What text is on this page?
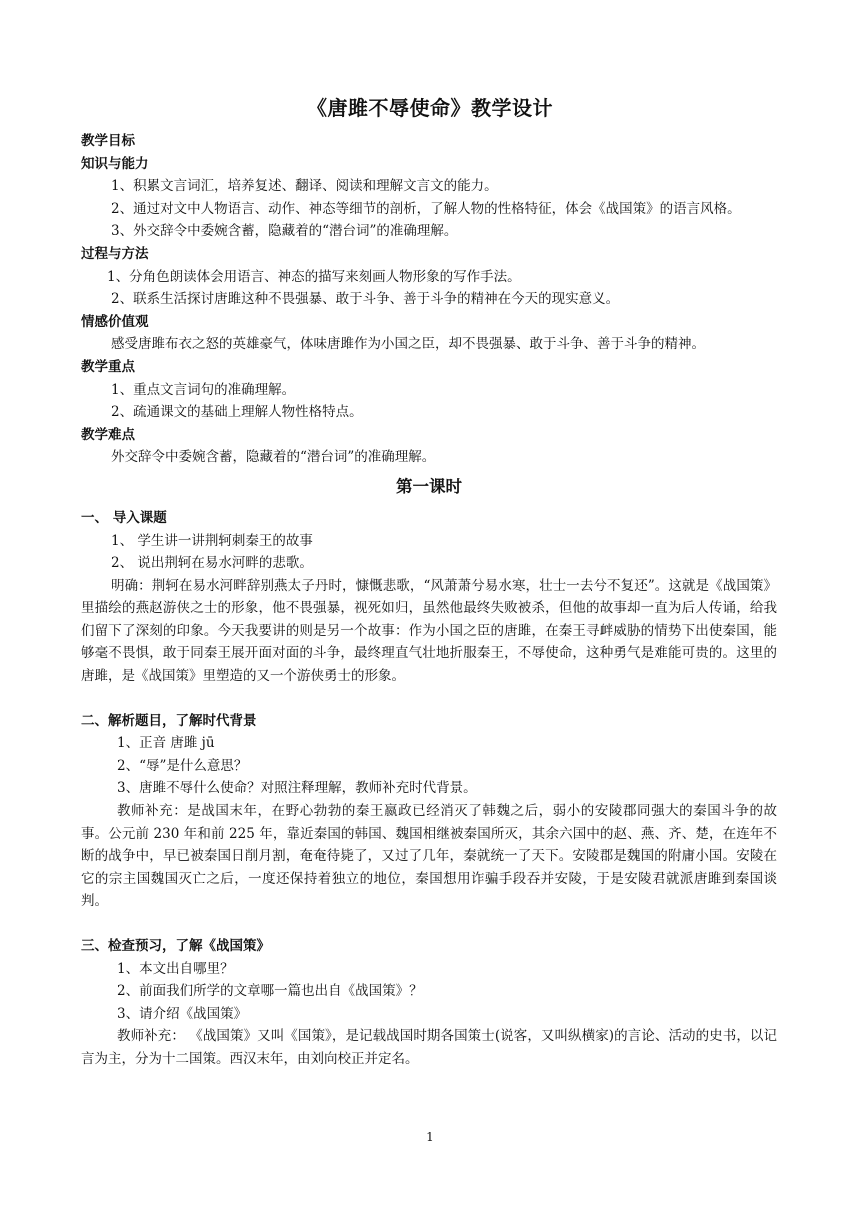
《唐雎不辱使命》教学设计
教学目标
知识与能力
1、积累文言词汇，培养复述、翻译、阅读和理解文言文的能力。
2、通过对文中人物语言、动作、神态等细节的剖析，了解人物的性格特征，体会《战国策》的语言风格。
3、外交辞令中委婉含蓄，隐藏着的“潜台词”的准确理解。
过程与方法
1、分角色朗读体会用语言、神态的描写来刻画人物形象的写作手法。
2、联系生活探讨唐雎这种不畏强暴、敢于斗争、善于斗争的精神在今天的现实意义。
情感价值观
感受唐雎布衣之怒的英雄豪气，体味唐雎作为小国之臣，却不畏强暴、敢于斗争、善于斗争的精神。
教学重点
1、重点文言词句的准确理解。
2、疏通课文的基础上理解人物性格特点。
教学难点
外交辞令中委婉含蓄，隐藏着的“潜台词”的准确理解。
第一课时
一、 导入课题
1、 学生讲一讲荆轲刺秦王的故事
2、 说出荆轲在易水河畔的悲歌。
明确：荆轲在易水河畔辞别燕太子丹时，慷慨悲歌，“风萧萧兮易水寒，壮士一去兮不复还”。这就是《战国策》里描绘的燕赵游侠之士的形象，他不畏强暴，视死如归，虽然他最终失败被杀，但他的故事却一直为后人传诵，给我们留下了深刻的印象。今天我要讲的则是另一个故事：作为小国之臣的唐雎，在秦王寻衅威胁的情势下出使秦国，能够毫不畏惧，敢于同秦王展开面对面的斗争，最终理直气壮地折服秦王，不辱使命，这种勇气是难能可贵的。这里的唐雎，是《战国策》里塑造的又一个游侠勇士的形象。
二、解析题目，了解时代背景
1、正音 唐雎 jū
2、“辱”是什么意思？
3、唐雎不辱什么使命？对照注释理解，教师补充时代背景。
教师补充：是战国末年，在野心勃勃的秦王嬴政已经消灭了韩魏之后，弱小的安陵郡同强大的秦国斗争的故事。公元前 230 年和前 225 年，靠近秦国的韩国、魏国相继被秦国所灭，其余六国中的赵、燕、齐、楚，在连年不断的战争中，早已被秦国日削月割，奄奄待毙了，又过了几年，秦就统一了天下。安陵郡是魏国的附庸小国。安陵在它的宗主国魏国灭亡之后，一度还保持着独立的地位，秦国想用诈骗手段吞并安陵，于是安陵君就派唐雎到秦国谈判。
三、检查预习，了解《战国策》
1、本文出自哪里？
2、前面我们所学的文章哪一篇也出自《战国策》？
3、请介绍《战国策》
教师补充： 《战国策》又叫《国策》，是记载战国时期各国策士(说客，又叫纵横家)的言论、活动的史书，以记言为主，分为十二国策。西汉末年，由刘向校正并定名。
1
